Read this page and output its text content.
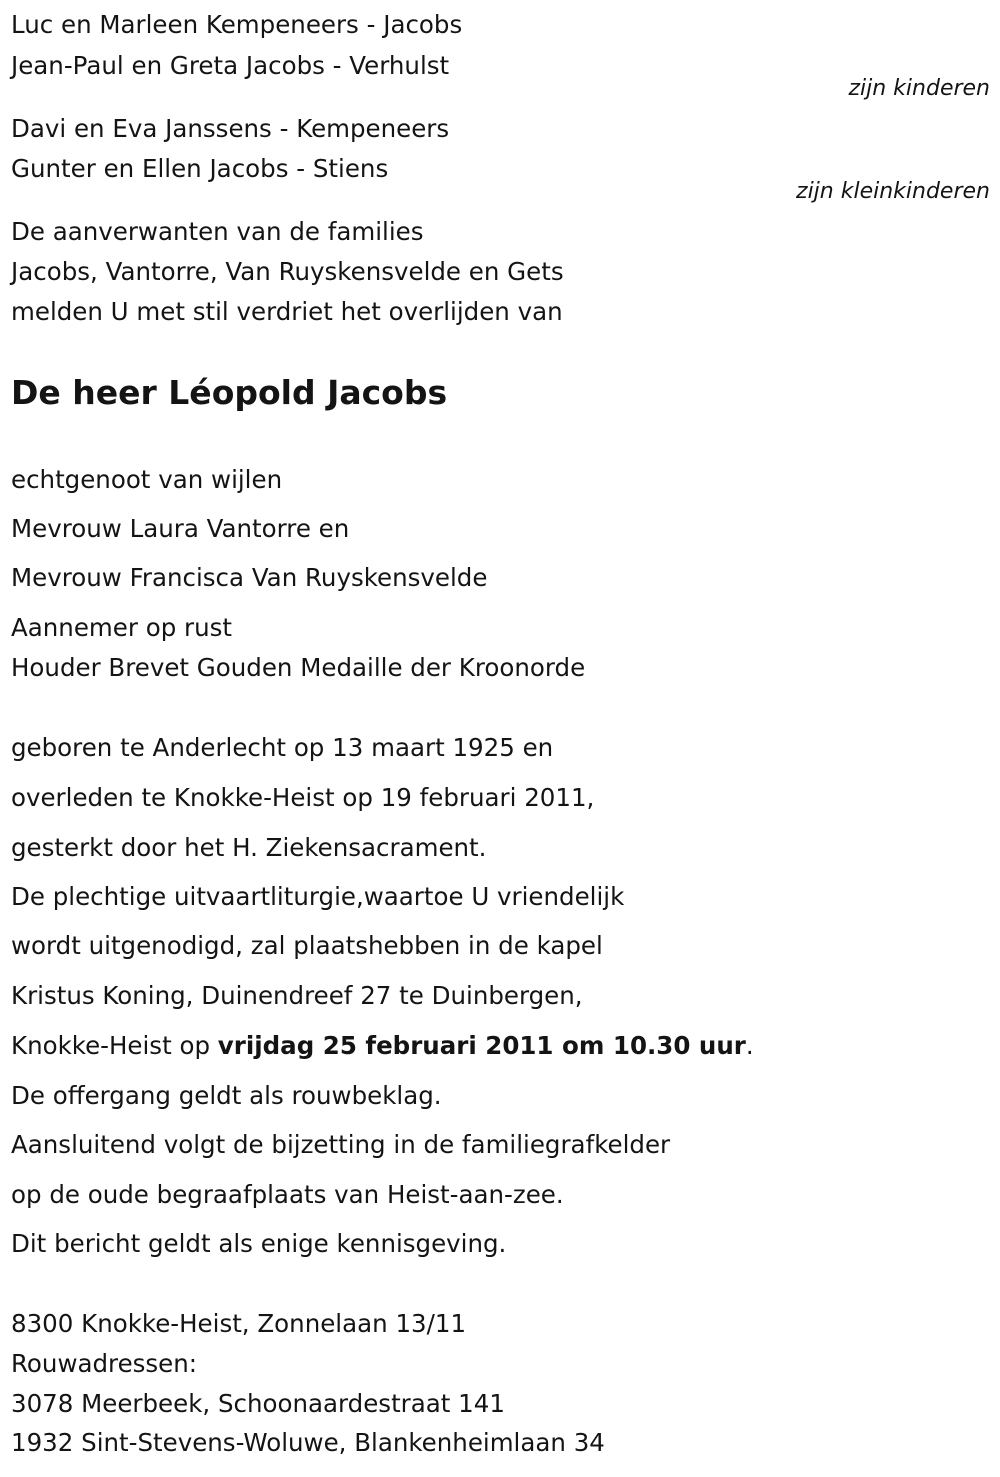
Luc en Marleen Kempeneers - Jacobs
Jean-Paul en Greta Jacobs - Verhulst
zijn kinderen
Davi en Eva Janssens - Kempeneers
Gunter en Ellen Jacobs - Stiens
zijn kleinkinderen
De aanverwanten van de families
Jacobs, Vantorre, Van Ruyskensvelde en Gets
melden U met stil verdriet het overlijden van
De heer Léopold Jacobs
echtgenoot van wijlen
Mevrouw Laura Vantorre en
Mevrouw Francisca Van Ruyskensvelde
Aannemer op rust
Houder Brevet Gouden Medaille der Kroonorde
geboren te Anderlecht op 13 maart 1925 en
overleden te Knokke-Heist op 19 februari 2011,
gesterkt door het H. Ziekensacrament.
De plechtige uitvaartliturgie,waartoe U vriendelijk
wordt uitgenodigd, zal plaatshebben in de kapel
Kristus Koning, Duinendreef 27 te Duinbergen,
Knokke-Heist op vrijdag 25 februari 2011 om 10.30 uur.
De offergang geldt als rouwbeklag.
Aansluitend volgt de bijzetting in de familiegrafkelder
op de oude begraafplaats van Heist-aan-zee.
Dit bericht geldt als enige kennisgeving.
8300 Knokke-Heist, Zonnelaan 13/11
Rouwadressen:
3078 Meerbeek, Schoonaardestraat 141
1932 Sint-Stevens-Woluwe, Blankenheimlaan 34
